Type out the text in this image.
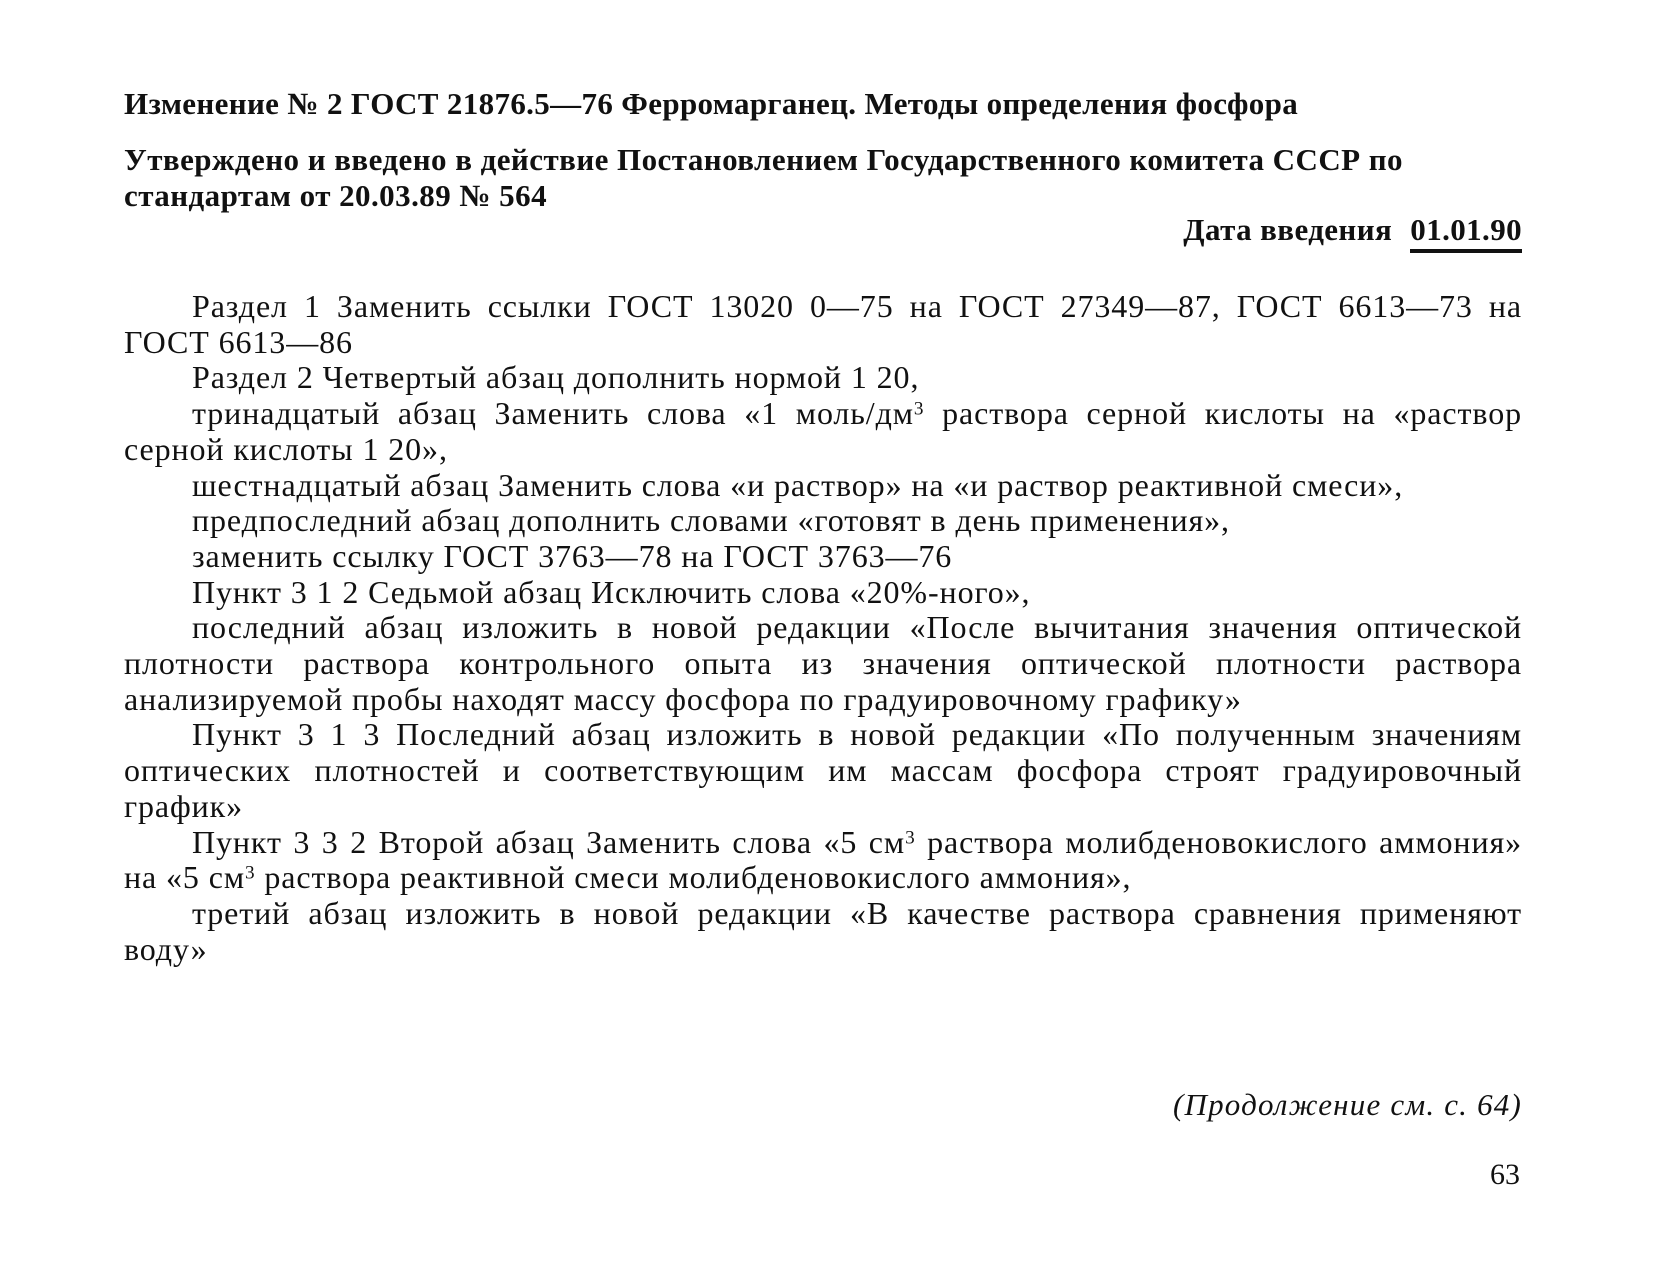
Изменение № 2 ГОСТ 21876.5—76 Ферромарганец. Методы определения фосфора
Утверждено и введено в действие Постановлением Государственного комитета СССР по стандартам от 20.03.89 № 564
Дата введения 01.01.90

Раздел 1 Заменить ссылки ГОСТ 13020 0—75 на ГОСТ 27349—87, ГОСТ 6613—73 на ГОСТ 6613—86

Раздел 2 Четвертый абзац дополнить нормой 1 20,

тринадцатый абзац Заменить слова «1 моль/$дм^3$ раствора серной кислоты на «раствор серной кислоты 1 20»,

шестнадцатый абзац Заменить слова «и раствор» на «и раствор реактивной смеси»,

предпоследний абзац дополнить словами «готовят в день применения»,

заменить ссылку ГОСТ 3763—78 на ГОСТ 3763—76

Пункт 3 1 2 Седьмой абзац Исключить слова «20%-ного»,

последний абзац изложить в новой редакции «После вычитания значения оптической плотности раствора контрольного опыта из значения оптической плотности раствора анализируемой пробы находят массу фосфора по градуировочному графику»

Пункт 3 1 3 Последний абзац изложить в новой редакции «По полученным значениям оптических плотностей и соответствующим им массам фосфора строят градуировочный график»

Пункт 3 3 2 Второй абзац Заменить слова «5 $см^3$ раствора молибденовокислого аммония» на «5 $см^3$ раствора реактивной смеси молибденовокислого аммония»,

третий абзац изложить в новой редакции «В качестве раствора сравнения применяют воду»

(Продолжение см. с. 64)
63
